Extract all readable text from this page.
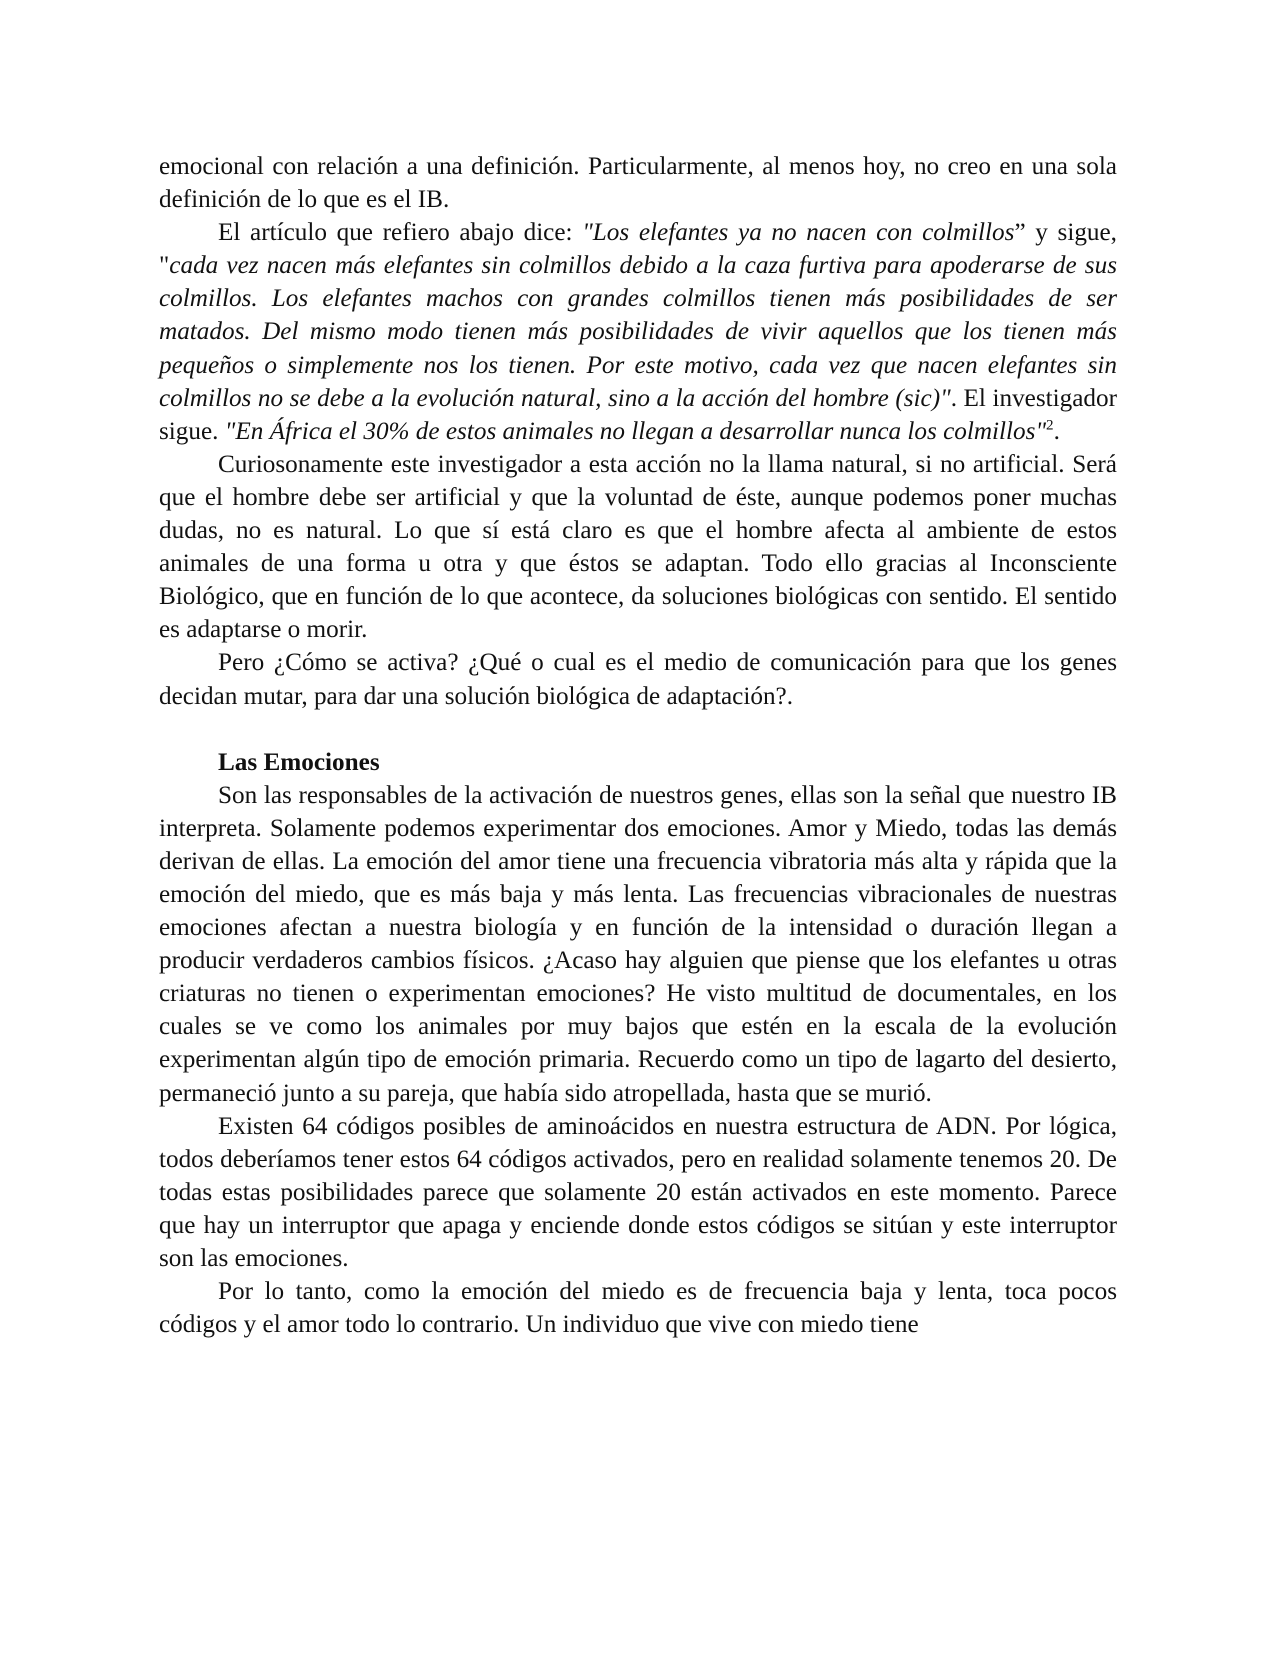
emocional con relación a una definición. Particularmente, al menos hoy, no creo en una sola definición de lo que es el IB.

El artículo que refiero abajo dice: "Los elefantes ya no nacen con colmillos” y sigue, "cada vez nacen más elefantes sin colmillos debido a la caza furtiva para apoderarse de sus colmillos. Los elefantes machos con grandes colmillos tienen más posibilidades de ser matados. Del mismo modo tienen más posibilidades de vivir aquellos que los tienen más pequeños o simplemente nos los tienen. Por este motivo, cada vez que nacen elefantes sin colmillos no se debe a la evolución natural, sino a la acción del hombre (sic)". El investigador sigue. "En África el 30% de estos animales no llegan a desarrollar nunca los colmillos"$^2$.

Curiosonamente este investigador a esta acción no la llama natural, si no artificial. Será que el hombre debe ser artificial y que la voluntad de éste, aunque podemos poner muchas dudas, no es natural. Lo que sí está claro es que el hombre afecta al ambiente de estos animales de una forma u otra y que éstos se adaptan. Todo ello gracias al Inconsciente Biológico, que en función de lo que acontece, da soluciones biológicas con sentido. El sentido es adaptarse o morir.

Pero ¿Cómo se activa? ¿Qué o cual es el medio de comunicación para que los genes decidan mutar, para dar una solución biológica de adaptación?.

Las Emociones

Son las responsables de la activación de nuestros genes, ellas son la señal que nuestro IB interpreta. Solamente podemos experimentar dos emociones. Amor y Miedo, todas las demás derivan de ellas. La emoción del amor tiene una frecuencia vibratoria más alta y rápida que la emoción del miedo, que es más baja y más lenta. Las frecuencias vibracionales de nuestras emociones afectan a nuestra biología y en función de la intensidad o duración llegan a producir verdaderos cambios físicos. ¿Acaso hay alguien que piense que los elefantes u otras criaturas no tienen o experimentan emociones? He visto multitud de documentales, en los cuales se ve como los animales por muy bajos que estén en la escala de la evolución experimentan algún tipo de emoción primaria. Recuerdo como un tipo de lagarto del desierto, permaneció junto a su pareja, que había sido atropellada, hasta que se murió.

Existen 64 códigos posibles de aminoácidos en nuestra estructura de ADN. Por lógica, todos deberíamos tener estos 64 códigos activados, pero en realidad solamente tenemos 20. De todas estas posibilidades parece que solamente 20 están activados en este momento. Parece que hay un interruptor que apaga y enciende donde estos códigos se sitúan y este interruptor son las emociones.

Por lo tanto, como la emoción del miedo es de frecuencia baja y lenta, toca pocos códigos y el amor todo lo contrario. Un individuo que vive con miedo tiene
